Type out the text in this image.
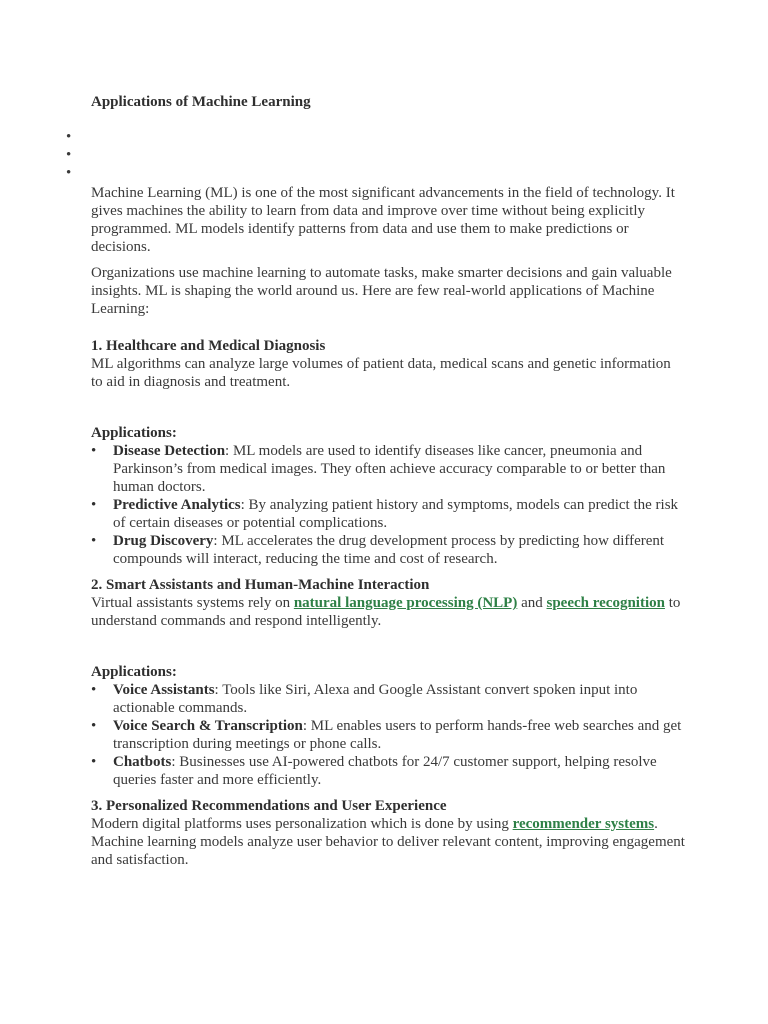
•
•
•

Applications of Machine Learning

Machine Learning (ML) is one of the most significant advancements in the field of technology. It gives machines the ability to learn from data and improve over time without being explicitly programmed. ML models identify patterns from data and use them to make predictions or decisions.

Organizations use machine learning to automate tasks, make smarter decisions and gain valuable insights. ML is shaping the world around us. Here are few real-world applications of Machine Learning:

1. Healthcare and Medical Diagnosis
ML algorithms can analyze large volumes of patient data, medical scans and genetic information to aid in diagnosis and treatment.
Applications:
• Disease Detection: ML models are used to identify diseases like cancer, pneumonia and Parkinson’s from medical images. They often achieve accuracy comparable to or better than human doctors.
• Predictive Analytics: By analyzing patient history and symptoms, models can predict the risk of certain diseases or potential complications.
• Drug Discovery: ML accelerates the drug development process by predicting how different compounds will interact, reducing the time and cost of research.
2. Smart Assistants and Human-Machine Interaction
Virtual assistants systems rely on natural language processing (NLP) and speech recognition to understand commands and respond intelligently.
Applications:
• Voice Assistants: Tools like Siri, Alexa and Google Assistant convert spoken input into actionable commands.
• Voice Search & Transcription: ML enables users to perform hands-free web searches and get transcription during meetings or phone calls.
• Chatbots: Businesses use AI-powered chatbots for 24/7 customer support, helping resolve queries faster and more efficiently.
3. Personalized Recommendations and User Experience
Modern digital platforms uses personalization which is done by using recommender systems. Machine learning models analyze user behavior to deliver relevant content, improving engagement and satisfaction.
